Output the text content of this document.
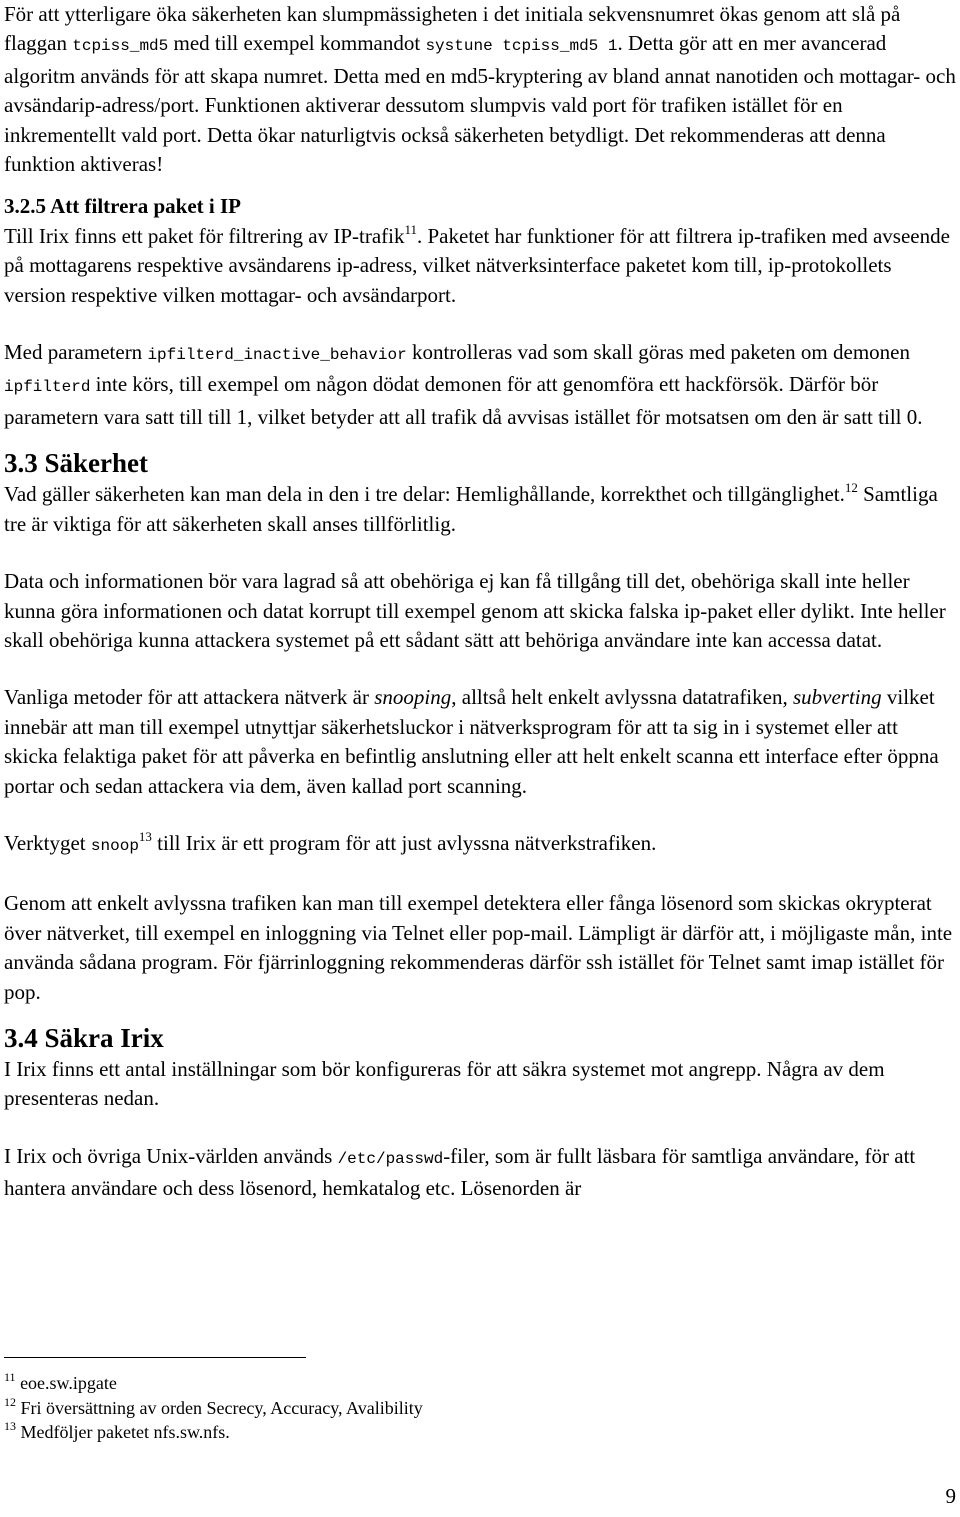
För att ytterligare öka säkerheten kan slumpmässigheten i det initiala sekvensnumret ökas genom att slå på flaggan tcpiss_md5 med till exempel kommandot systune tcpiss_md5 1. Detta gör att en mer avancerad algoritm används för att skapa numret. Detta med en md5-kryptering av bland annat nanotiden och mottagar- och avsändarip-adress/port. Funktionen aktiverar dessutom slumpvis vald port för trafiken istället för en inkrementellt vald port. Detta ökar naturligtvis också säkerheten betydligt. Det rekommenderas att denna funktion aktiveras!

3.2.5 Att filtrera paket i IP

Till Irix finns ett paket för filtrering av IP-trafik$^{11}$. Paketet har funktioner för att filtrera ip-trafiken med avseende på mottagarens respektive avsändarens ip-adress, vilket nätverksinterface paketet kom till, ip-protokollets version respektive vilken mottagar- och avsändarport.

Med parametern ipfilterd_inactive_behavior kontrolleras vad som skall göras med paketen om demonen ipfilterd inte körs, till exempel om någon dödat demonen för att genomföra ett hackförsök. Därför bör parametern vara satt till till 1, vilket betyder att all trafik då avvisas istället för motsatsen om den är satt till 0.

3.3 Säkerhet

Vad gäller säkerheten kan man dela in den i tre delar: Hemlighållande, korrekthet och tillgänglighet.$^{12}$ Samtliga tre är viktiga för att säkerheten skall anses tillförlitlig.

Data och informationen bör vara lagrad så att obehöriga ej kan få tillgång till det, obehöriga skall inte heller kunna göra informationen och datat korrupt till exempel genom att skicka falska ip-paket eller dylikt. Inte heller skall obehöriga kunna attackera systemet på ett sådant sätt att behöriga användare inte kan accessa datat.

Vanliga metoder för att attackera nätverk är snooping, alltså helt enkelt avlyssna datatrafiken, subverting vilket innebär att man till exempel utnyttjar säkerhetsluckor i nätverksprogram för att ta sig in i systemet eller att skicka felaktiga paket för att påverka en befintlig anslutning eller att helt enkelt scanna ett interface efter öppna portar och sedan attackera via dem, även kallad port scanning.

Verktyget snoop$^{13}$ till Irix är ett program för att just avlyssna nätverkstrafiken.

Genom att enkelt avlyssna trafiken kan man till exempel detektera eller fånga lösenord som skickas okrypterat över nätverket, till exempel en inloggning via Telnet eller pop-mail. Lämpligt är därför att, i möjligaste mån, inte använda sådana program. För fjärrinloggning rekommenderas därför ssh istället för Telnet samt imap istället för pop.

3.4 Säkra Irix

I Irix finns ett antal inställningar som bör konfigureras för att säkra systemet mot angrepp. Några av dem presenteras nedan.

I Irix och övriga Unix-världen används /etc/passwd-filer, som är fullt läsbara för samtliga användare, för att hantera användare och dess lösenord, hemkatalog etc. Lösenorden är

$^{11}$ eoe.sw.ipgate
$^{12}$ Fri översättning av orden Secrecy, Accuracy, Avalibility
$^{13}$ Medföljer paketet nfs.sw.nfs.
9
